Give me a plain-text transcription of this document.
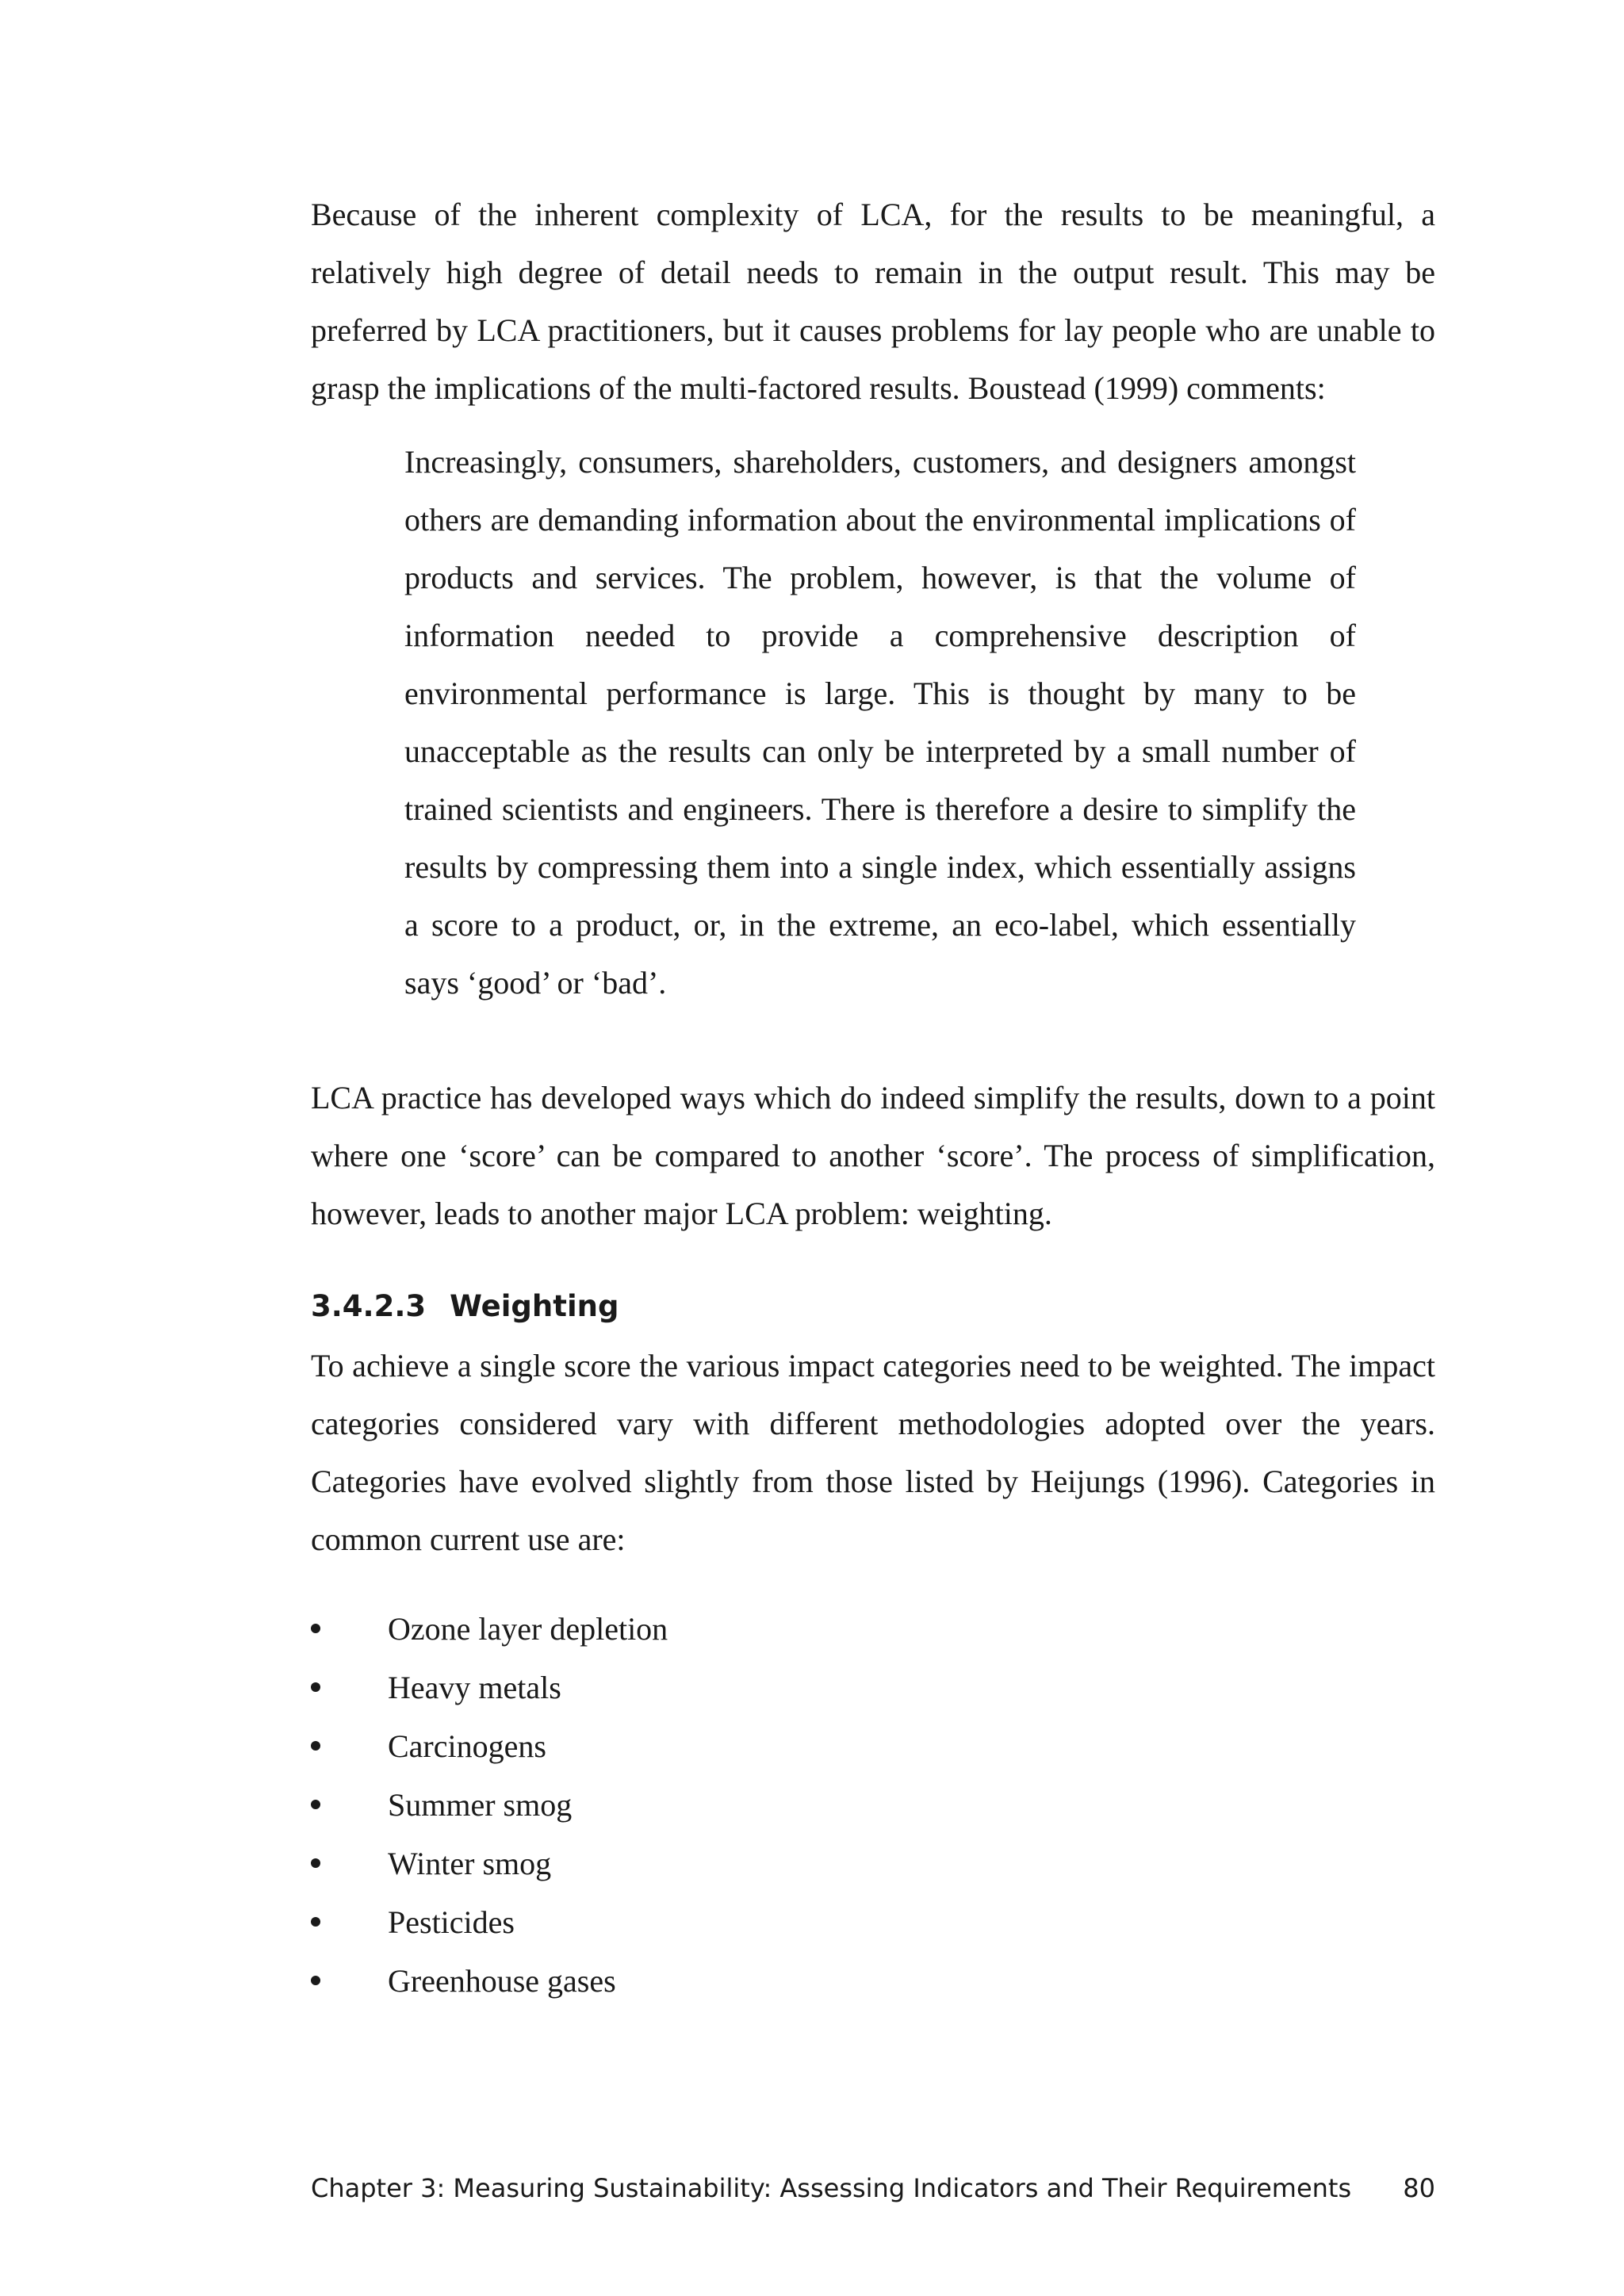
Because of the inherent complexity of LCA, for the results to be meaningful, a relatively high degree of detail needs to remain in the output result. This may be preferred by LCA practitioners, but it causes problems for lay people who are unable to grasp the implications of the multi-factored results. Boustead (1999) comments:

Increasingly, consumers, shareholders, customers, and designers amongst others are demanding information about the environmental implications of products and services. The problem, however, is that the volume of information needed to provide a comprehensive description of environmental performance is large. This is thought by many to be unacceptable as the results can only be interpreted by a small number of trained scientists and engineers. There is therefore a desire to simplify the results by compressing them into a single index, which essentially assigns a score to a product, or, in the extreme, an eco-label, which essentially says ‘good’ or ‘bad’.

LCA practice has developed ways which do indeed simplify the results, down to a point where one ‘score’ can be compared to another ‘score’. The process of simplification, however, leads to another major LCA problem: weighting.

3.4.2.3 Weighting

To achieve a single score the various impact categories need to be weighted. The impact categories considered vary with different methodologies adopted over the years. Categories have evolved slightly from those listed by Heijungs (1996). Categories in common current use are:

Ozone layer depletion
Heavy metals
Carcinogens
Summer smog
Winter smog
Pesticides
Greenhouse gases
Chapter 3: Measuring Sustainability: Assessing Indicators and Their Requirements 80
